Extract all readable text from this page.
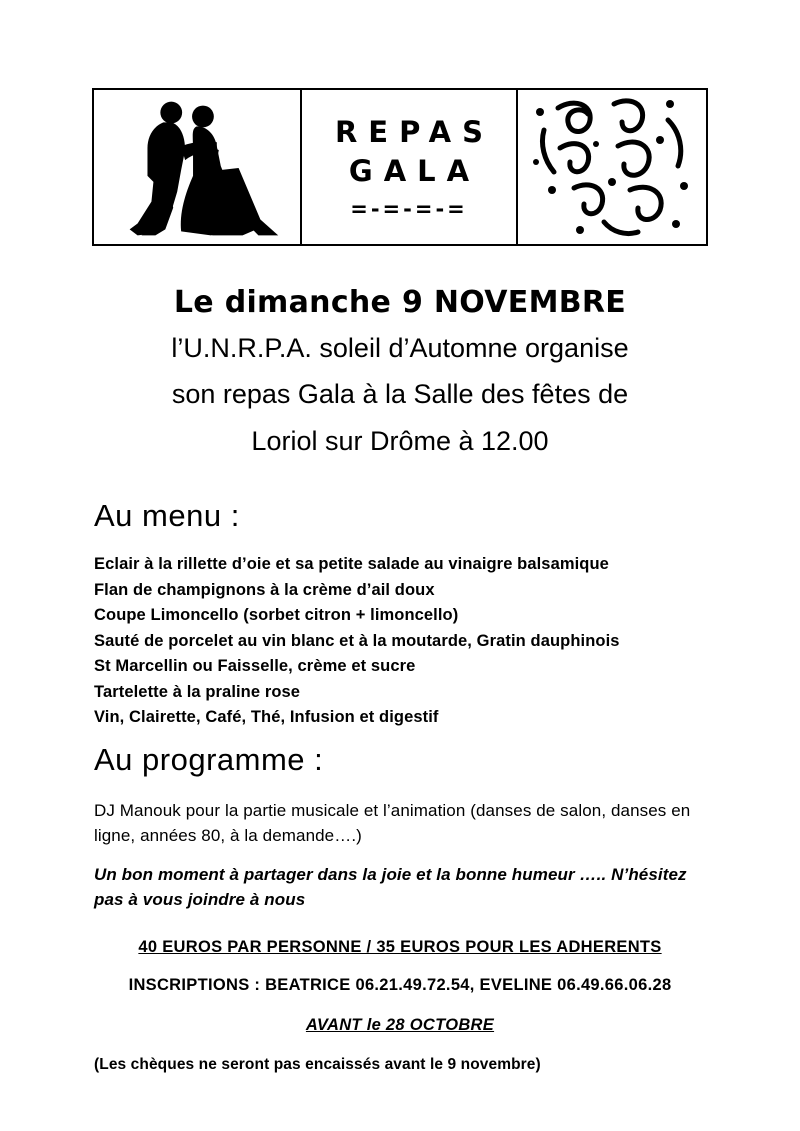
REPAS
GALA
=-=-=-=
Le dimanche 9 NOVEMBRE
l’U.N.R.P.A. soleil d’Automne organise
son repas Gala à la Salle des fêtes de
Loriol sur Drôme à 12.00
Au menu :
Eclair à la rillette d’oie et sa petite salade au vinaigre balsamique
Flan de champignons à la crème d’ail doux
Coupe Limoncello (sorbet citron + limoncello)
Sauté de porcelet au vin blanc et à la moutarde, Gratin dauphinois
St Marcellin ou Faisselle, crème et sucre
Tartelette à la praline rose
Vin, Clairette, Café, Thé, Infusion et digestif
Au programme :
DJ Manouk pour la partie musicale et l’animation (danses de salon, danses en ligne, années 80, à la demande….)
Un bon moment à partager dans la joie et la bonne humeur ….. N’hésitez pas à vous joindre à nous
40 EUROS PAR PERSONNE / 35 EUROS POUR LES ADHERENTS
INSCRIPTIONS : BEATRICE 06.21.49.72.54, EVELINE 06.49.66.06.28
AVANT le 28 OCTOBRE
(Les chèques ne seront pas encaissés avant le 9 novembre)
